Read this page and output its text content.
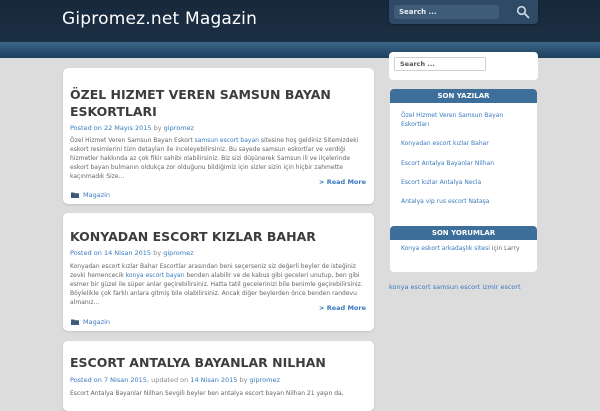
Gipromez.net Magazin	Search ...
ÖZEL HIZMET VEREN SAMSUN BAYAN ESKORTLARI
Posted on 22 Mayıs 2015 by gipromez

Özel Hizmet Veren Samsun Bayan Eskort samsun escort bayan sitesine hoş geldiniz Sitemizdeki eskort resimlerini tüm detayları ile inceleyebilirsiniz. Bu sayede samsun eskortlar ve verdiği hizmetler hakkında az çok fikir sahibi olabilirsiniz. Biz sizi düşünerek Samsun ili ve ilçelerinde eskort bayan bulmanın oldukça zor olduğunu bildiğimiz için sizler sizin için hiçbir zahmette kaçınmadık Size...

> Read More
Magazin
KONYADAN ESCORT KIZLAR BAHAR
Posted on 14 Nisan 2015 by gipromez

Konyadan escort kızlar Bahar Escortlar arasından beni seçerseniz siz değerli beyler de isteğiniz zevki hemencecik konya escort bayan benden alabilir ve de kabus gibi geceleri unutup, ben gibi esmer bir güzel ile süper anlar geçirebilirsiniz. Hatta tatil gecelerinizi bile benimle geçirebilirsiniz. Böylelikle çok farklı anlara gitmiş bile olabilirsiniz. Ancak diğer beylerden önce benden randevu almanız...

> Read More
Magazin
ESCORT ANTALYA BAYANLAR NILHAN
Posted on 7 Nisan 2015, updated on 14 Nisan 2015 by gipromez

Escort Antalya Bayanlar Nilhan Sevgili beyler ben antalya escort bayan Nilhan 21 yaşın da,

Search ...
SON YAZILAR
Özel Hizmet Veren Samsun Bayan Eskortları
Konyadan escort kızlar Bahar
Escort Antalya Bayanlar Nilhan
Escort kızlar Antalya Necla
Antalya vip rus escort Nataşa
SON YORUMLAR

Konya eskort arkadaşlık sitesi için Larry

konya escort samsun escort izmir escort
